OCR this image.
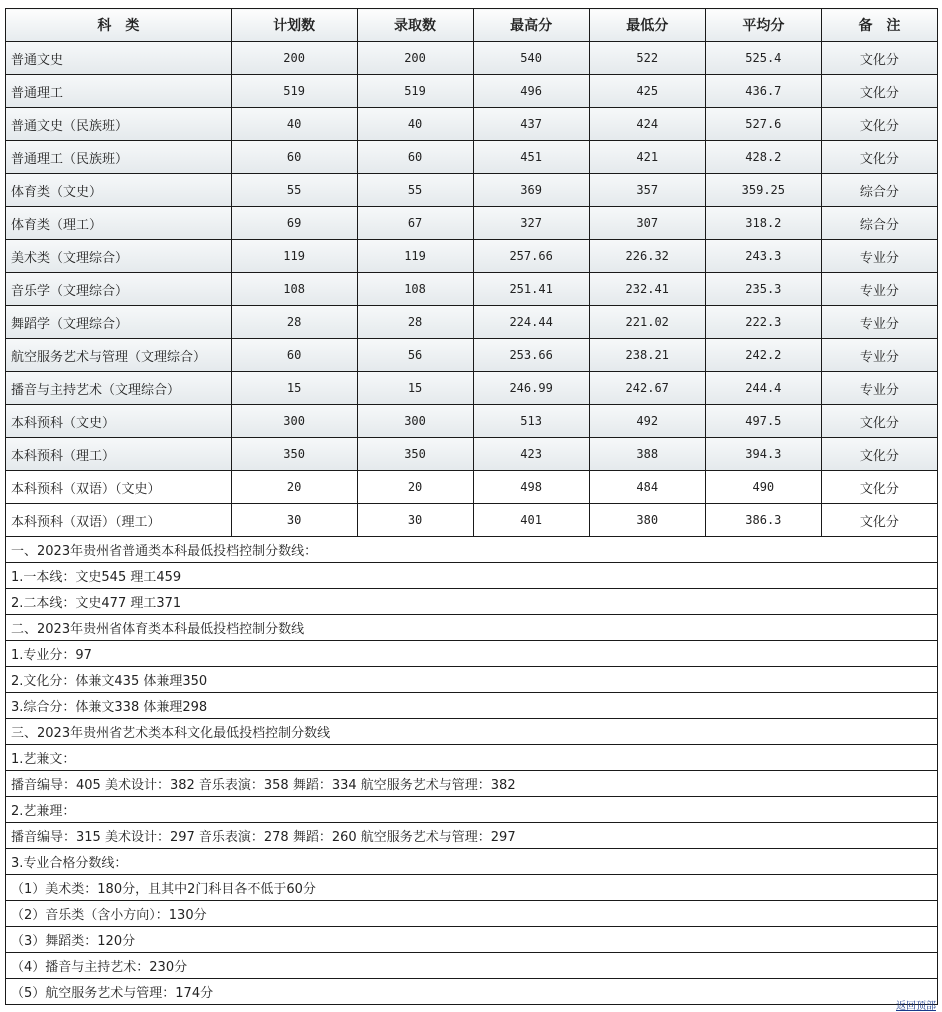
科　类	计划数	录取数	最高分	最低分	平均分	备　注
普通文史	200	200	540	522	525.4	文化分
普通理工	519	519	496	425	436.7	文化分
普通文史（民族班）	40	40	437	424	527.6	文化分
普通理工（民族班）	60	60	451	421	428.2	文化分
体育类（文史）	55	55	369	357	359.25	综合分
体育类（理工）	69	67	327	307	318.2	综合分
美术类（文理综合）	119	119	257.66	226.32	243.3	专业分
音乐学（文理综合）	108	108	251.41	232.41	235.3	专业分
舞蹈学（文理综合）	28	28	224.44	221.02	222.3	专业分
航空服务艺术与管理（文理综合）	60	56	253.66	238.21	242.2	专业分
播音与主持艺术（文理综合）	15	15	246.99	242.67	244.4	专业分
本科预科（文史）	300	300	513	492	497.5	文化分
本科预科（理工）	350	350	423	388	394.3	文化分
本科预科（双语）（文史）	20	20	498	484	490	文化分
本科预科（双语）（理工）	30	30	401	380	386.3	文化分
一、2023年贵州省普通类本科最低投档控制分数线：						
1.一本线：文史545 理工459						
2.二本线：文史477 理工371						
二、2023年贵州省体育类本科最低投档控制分数线						
1.专业分：97						
2.文化分：体兼文435 体兼理350						
3.综合分：体兼文338 体兼理298						
三、2023年贵州省艺术类本科文化最低投档控制分数线						
1.艺兼文：						
播音编导：405 美术设计：382 音乐表演：358 舞蹈：334 航空服务艺术与管理：382						
2.艺兼理：						
播音编导：315 美术设计：297 音乐表演：278 舞蹈：260 航空服务艺术与管理：297						
3.专业合格分数线：						
（1）美术类：180分，且其中2门科目各不低于60分						
（2）音乐类（含小方向）：130分						
（3）舞蹈类：120分						
（4）播音与主持艺术：230分						
（5）航空服务艺术与管理：174分						
返回顶部
